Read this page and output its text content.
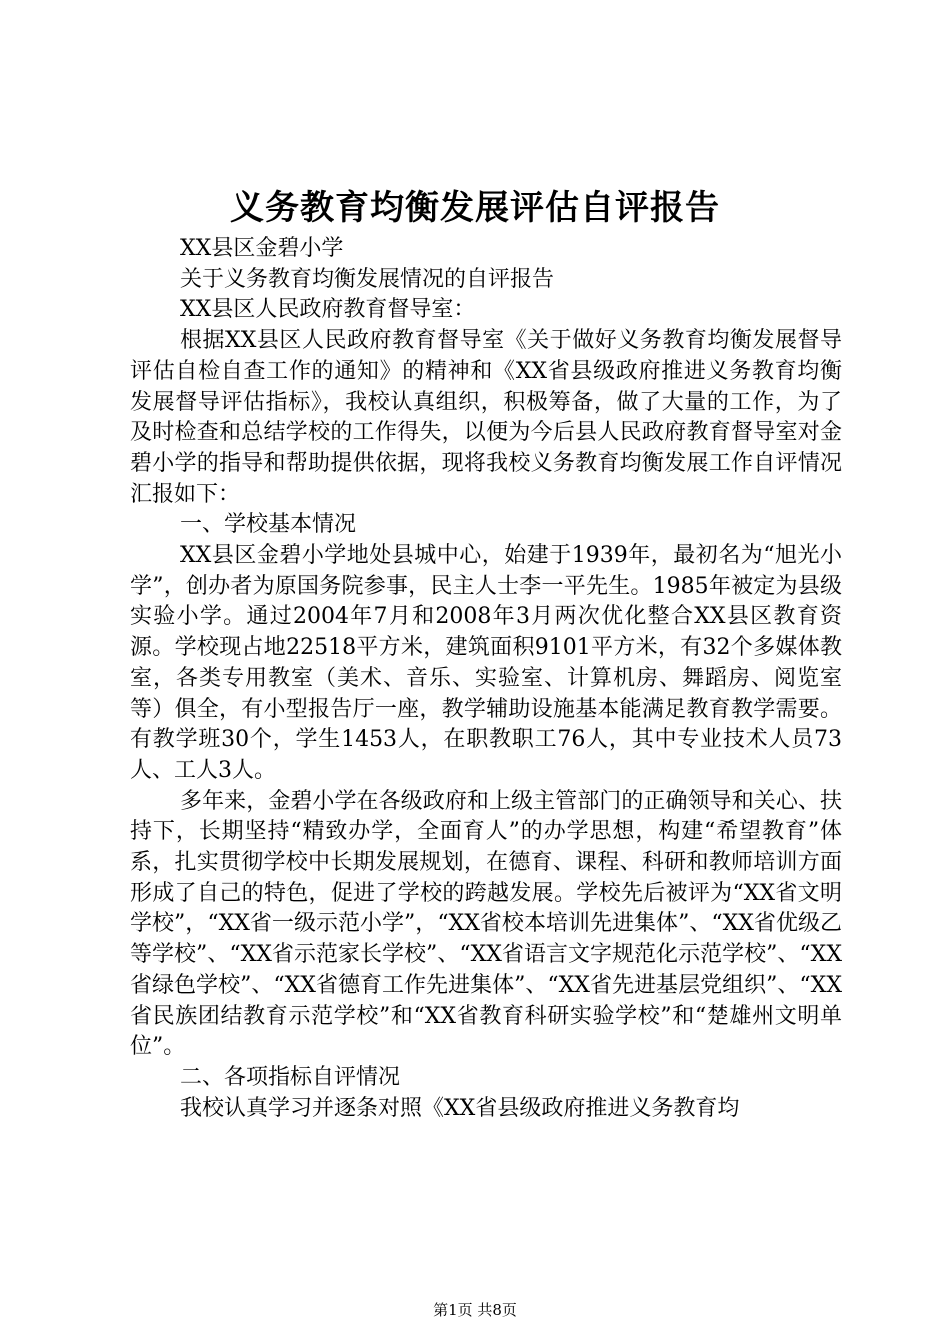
义务教育均衡发展评估自评报告

XX县区金碧小学

关于义务教育均衡发展情况的自评报告

XX县区人民政府教育督导室：

根据XX县区人民政府教育督导室《关于做好义务教育均衡发展督导评估自检自查工作的通知》的精神和《XX省县级政府推进义务教育均衡发展督导评估指标》，我校认真组织，积极筹备，做了大量的工作，为了及时检查和总结学校的工作得失，以便为今后县人民政府教育督导室对金碧小学的指导和帮助提供依据，现将我校义务教育均衡发展工作自评情况汇报如下：

一、学校基本情况

XX县区金碧小学地处县城中心，始建于1939年，最初名为“旭光小学”，创办者为原国务院参事，民主人士李一平先生。1985年被定为县级实验小学。通过2004年7月和2008年3月两次优化整合XX县区教育资源。学校现占地22518平方米，建筑面积9101平方米，有32个多媒体教室，各类专用教室（美术、音乐、实验室、计算机房、舞蹈房、阅览室等）俱全，有小型报告厅一座，教学辅助设施基本能满足教育教学需要。有教学班30个，学生1453人，在职教职工76人，其中专业技术人员73人、工人3人。

多年来，金碧小学在各级政府和上级主管部门的正确领导和关心、扶持下，长期坚持“精致办学，全面育人”的办学思想，构建“希望教育”体系，扎实贯彻学校中长期发展规划，在德育、课程、科研和教师培训方面形成了自己的特色，促进了学校的跨越发展。学校先后被评为“XX省文明学校”，“XX省一级示范小学”，“XX省校本培训先进集体”、“XX省优级乙等学校”、“XX省示范家长学校”、“XX省语言文字规范化示范学校”、“XX省绿色学校”、“XX省德育工作先进集体”、“XX省先进基层党组织”、“XX省民族团结教育示范学校”和“XX省教育科研实验学校”和“楚雄州文明单位”。

二、各项指标自评情况

我校认真学习并逐条对照《XX省县级政府推进义务教育均

第1页 共8页
